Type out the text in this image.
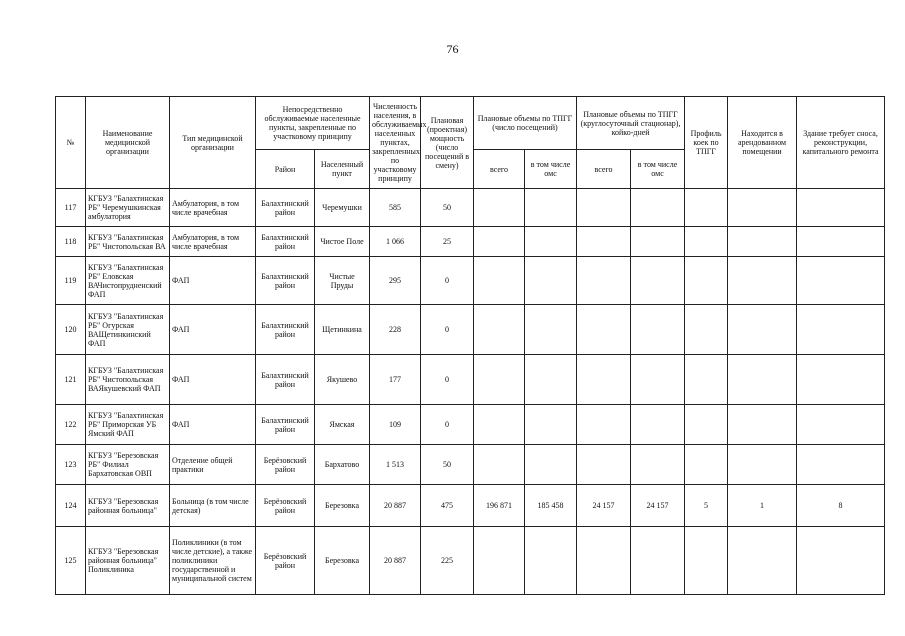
76
№	Наименование медицинской организации	Тип медицинской организации	Непосредственно обслуживаемые населенные пункты, закрепленные по участковому принципу		Численность населения, в обслуживаемых населенных пунктах, закрепленных по участковому принципу	Плановая (проектная) мощность (число посещений в смену)	Плановые объемы по ТПГГ (число посещений)		Плановые объемы по ТПГГ (круглосуточный стационар), койко-дней		Профиль коек по ТПГГ	Находится в арендованном помещении	Здание требует сноса, реконструкции, капитального ремонта
			Район	Населенный пункт			всего	в том числе омс	всего	в том числе омс			
117	КГБУЗ "Балахтинская РБ" Черемушкинская амбулатория	Амбулатория, в том числе врачебная	Балахтинский район	Черемушки	585	50							
118	КГБУЗ "Балахтинская РБ" Чистопольская ВА	Амбулатория, в том числе врачебная	Балахтинский район	Чистое Поле	1 066	25							
119	КГБУЗ "Балахтинская РБ" Еловская ВАЧистопрудненский ФАП	ФАП	Балахтинский район	Чистые Пруды	295	0							
120	КГБУЗ "Балахтинская РБ" Огурская ВАЩетинкинский ФАП	ФАП	Балахтинский район	Щетинкина	228	0							
121	КГБУЗ "Балахтинская РБ" Чистопольская ВАЯкушевский ФАП	ФАП	Балахтинский район	Якушево	177	0							
122	КГБУЗ "Балахтинская РБ" Приморская УБ Ямский ФАП	ФАП	Балахтинский район	Ямская	109	0							
123	КГБУЗ "Березовская РБ" Филиал Бархатовская ОВП	Отделение общей практики	Берёзовский район	Бархатово	1 513	50							
124	КГБУЗ "Березовская районная больница"	Больница (в том числе детская)	Берёзовский район	Березовка	20 887	475	196 871	185 458	24 157	24 157	5	1	8
125	КГБУЗ "Березовская районная больница" Поликлиника	Поликлиники (в том числе детские), а также поликлиники государственной и муниципальной систем	Берёзовский район	Березовка	20 887	225							
